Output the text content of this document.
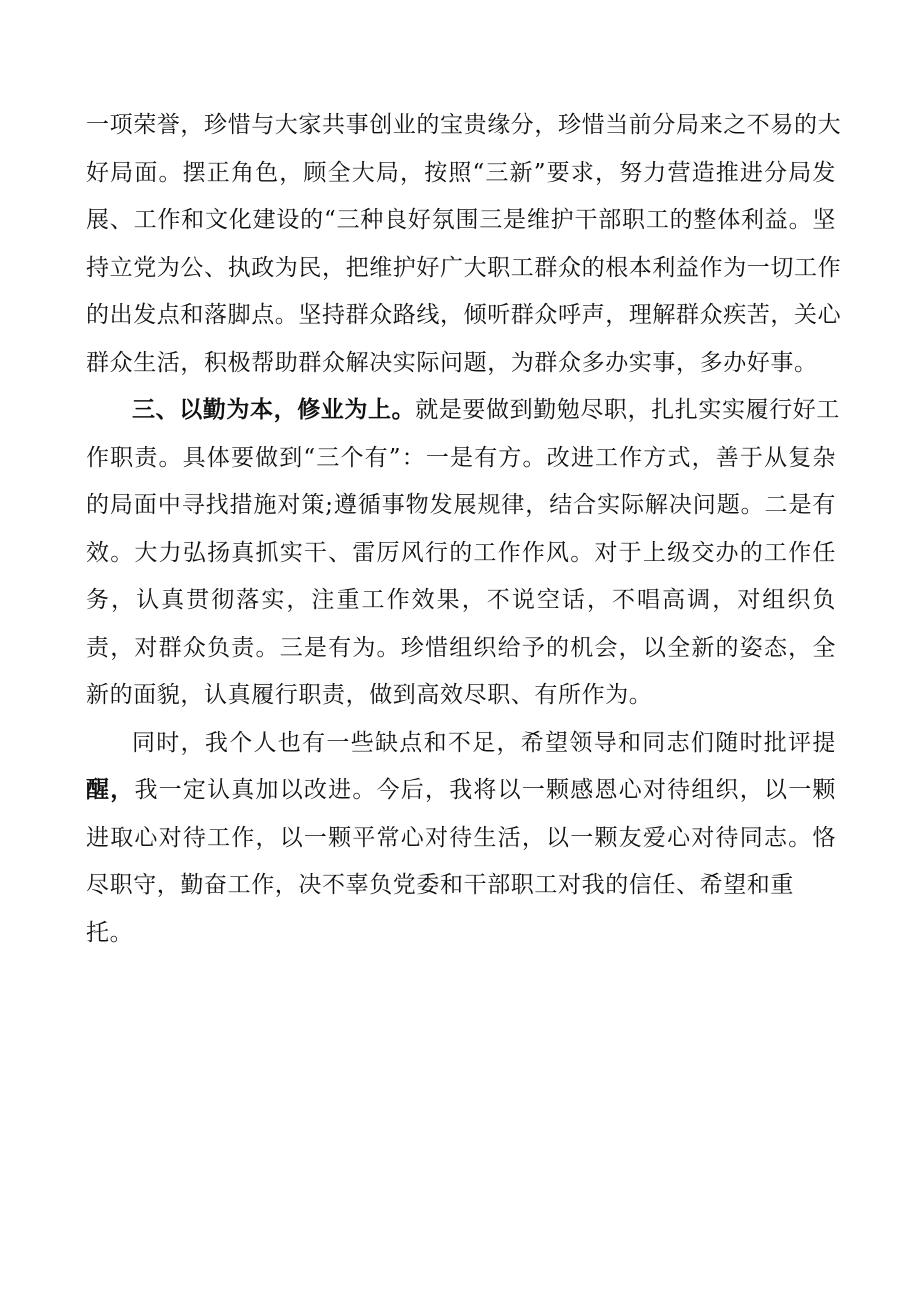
一项荣誉，珍惜与大家共事创业的宝贵缘分，珍惜当前分局来之不易的大
好局面。摆正角色，顾全大局，按照“三新”要求，努力营造推进分局发
展、工作和文化建设的“三种良好氛围三是维护干部职工的整体利益。坚
持立党为公、执政为民，把维护好广大职工群众的根本利益作为一切工作
的出发点和落脚点。坚持群众路线，倾听群众呼声，理解群众疾苦，关心
群众生活，积极帮助群众解决实际问题，为群众多办实事，多办好事。
三、以勤为本，修业为上。就是要做到勤勉尽职，扎扎实实履行好工
作职责。具体要做到“三个有”：一是有方。改进工作方式，善于从复杂
的局面中寻找措施对策;遵循事物发展规律，结合实际解决问题。二是有
效。大力弘扬真抓实干、雷厉风行的工作作风。对于上级交办的工作任
务，认真贯彻落实，注重工作效果，不说空话，不唱高调，对组织负
责，对群众负责。三是有为。珍惜组织给予的机会，以全新的姿态，全
新的面貌，认真履行职责，做到高效尽职、有所作为。
同时，我个人也有一些缺点和不足，希望领导和同志们随时批评提
醒，我一定认真加以改进。今后，我将以一颗感恩心对待组织，以一颗
进取心对待工作，以一颗平常心对待生活，以一颗友爱心对待同志。恪
尽职守，勤奋工作，决不辜负党委和干部职工对我的信任、希望和重
托。
